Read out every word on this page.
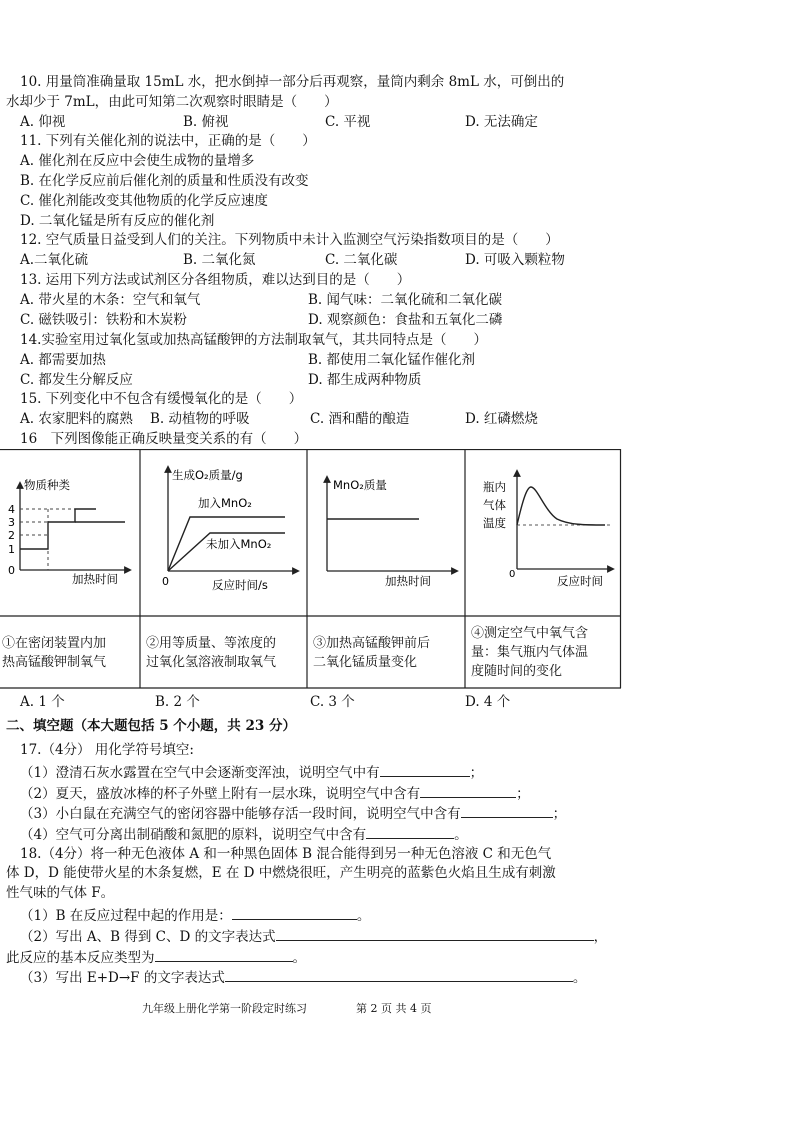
10. 用量筒准确量取 15mL 水，把水倒掉一部分后再观察，量筒内剩余 8mL 水，可倒出的
水却少于 7mL，由此可知第二次观察时眼睛是（　　）
A. 仰视	B. 俯视	C. 平视	D. 无法确定
11. 下列有关催化剂的说法中，正确的是（　　）
A. 催化剂在反应中会使生成物的量增多
B. 在化学反应前后催化剂的质量和性质没有改变
C. 催化剂能改变其他物质的化学反应速度
D. 二氧化锰是所有反应的催化剂
12. 空气质量日益受到人们的关注。下列物质中未计入监测空气污染指数项目的是（　　）
A.二氧化硫	B. 二氧化氮	C. 二氧化碳	D. 可吸入颗粒物
13. 运用下列方法或试剂区分各组物质，难以达到目的是（　　）
A. 带火星的木条：空气和氧气	B. 闻气味：二氧化硫和二氧化碳
C. 磁铁吸引：铁粉和木炭粉	D. 观察颜色：食盐和五氧化二磷
14.实验室用过氧化氢或加热高锰酸钾的方法制取氧气，其共同特点是（　　）
A. 都需要加热	B. 都使用二氧化锰作催化剂
C. 都发生分解反应	D. 都生成两种物质
15. 下列变化中不包含有缓慢氧化的是（　　）
A. 农家肥料的腐熟 B. 动植物的呼吸	C. 酒和醋的酿造	D. 红磷燃烧
16　下列图像能正确反映量变关系的有（　　）
物质种类
加热时间
4
3
2
1
0
生成O₂质量/g
反应时间/s
0
加入MnO₂
未加入MnO₂
MnO₂质量
加热时间
瓶内
气体
温度
0	反应时间
①在密闭装置内加
热高锰酸钾制氧气
②用等质量、等浓度的
过氧化氢溶液制取氧气
③加热高锰酸钾前后
二氧化锰质量变化
④测定空气中氧气含
量：集气瓶内气体温
度随时间的变化
A. 1 个	B. 2 个	C. 3 个	D. 4 个
二、填空题（本大题包括 5 个小题，共 23 分）
17.（4分） 用化学符号填空:
（1）澄清石灰水露置在空气中会逐渐变浑浊，说明空气中有	；
（2）夏天，盛放冰棒的杯子外壁上附有一层水珠，说明空气中含有	；
（3）小白鼠在充满空气的密闭容器中能够存活一段时间，说明空气中含有	；
（4）空气可分离出制硝酸和氮肥的原料，说明空气中含有	。
18.（4分）将一种无色液体 A 和一种黑色固体 B 混合能得到另一种无色溶液 C 和无色气
体 D，D 能使带火星的木条复燃，E 在 D 中燃烧很旺，产生明亮的蓝紫色火焰且生成有刺激
性气味的气体 F。
（1）B 在反应过程中起的作用是：	。
（2）写出 A、B 得到 C、D 的文字表达式	，
此反应的基本反应类型为	。
（3）写出 E+D→F 的文字表达式	。
九年级上册化学第一阶段定时练习	第 2 页 共 4 页
